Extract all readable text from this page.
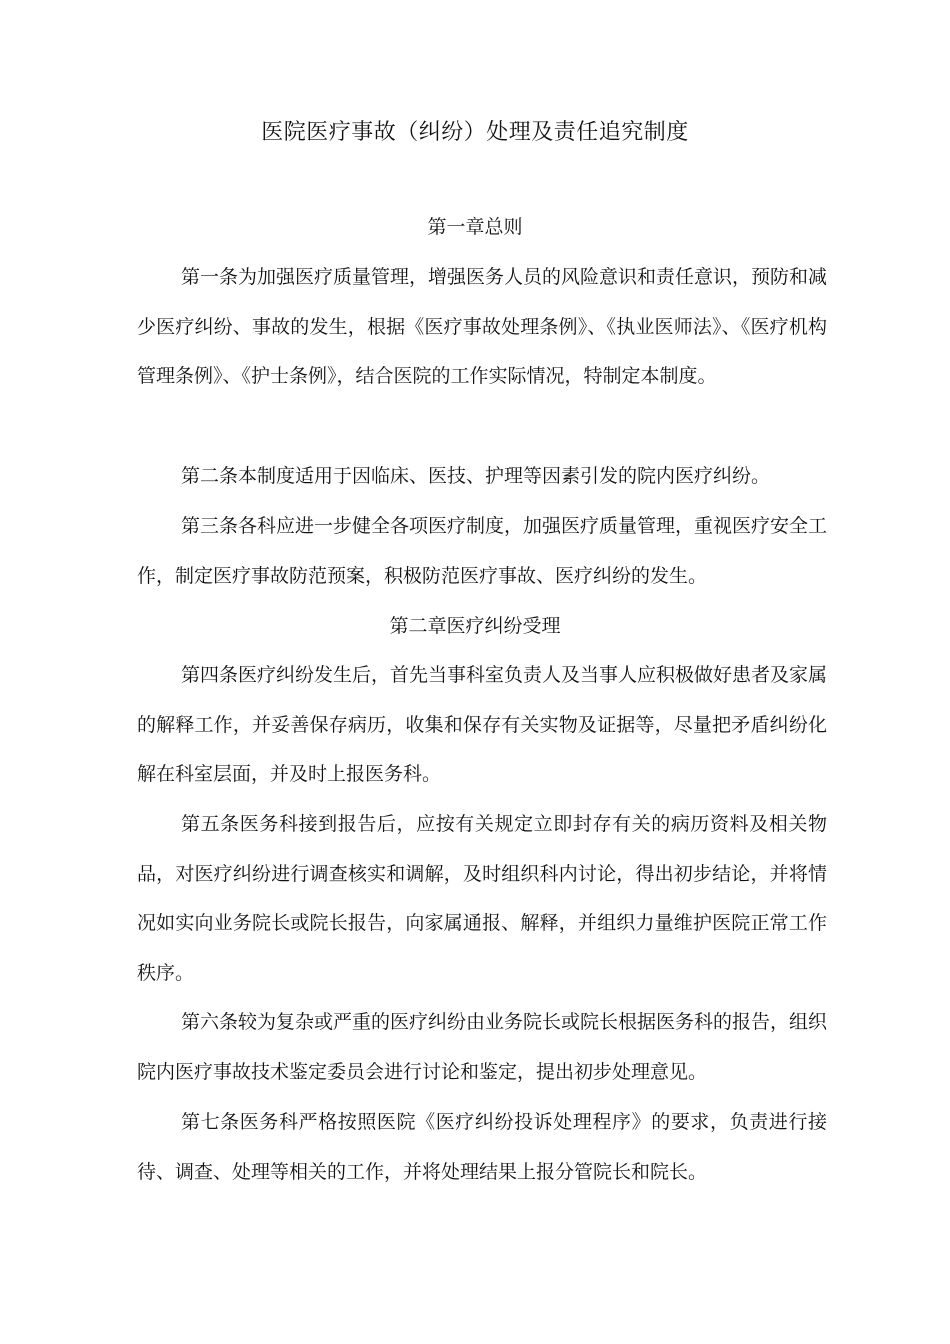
医院医疗事故（纠纷）处理及责任追究制度
第一章总则

第一条为加强医疗质量管理，增强医务人员的风险意识和责任意识，预防和减少医疗纠纷、事故的发生，根据《医疗事故处理条例》、《执业医师法》、《医疗机构管理条例》、《护士条例》，结合医院的工作实际情况，特制定本制度。

第二条本制度适用于因临床、医技、护理等因素引发的院内医疗纠纷。

第三条各科应进一步健全各项医疗制度，加强医疗质量管理，重视医疗安全工作，制定医疗事故防范预案，积极防范医疗事故、医疗纠纷的发生。

第二章医疗纠纷受理

第四条医疗纠纷发生后，首先当事科室负责人及当事人应积极做好患者及家属的解释工作，并妥善保存病历，收集和保存有关实物及证据等，尽量把矛盾纠纷化解在科室层面，并及时上报医务科。

第五条医务科接到报告后，应按有关规定立即封存有关的病历资料及相关物品，对医疗纠纷进行调查核实和调解，及时组织科内讨论，得出初步结论，并将情况如实向业务院长或院长报告，向家属通报、解释，并组织力量维护医院正常工作秩序。

第六条较为复杂或严重的医疗纠纷由业务院长或院长根据医务科的报告，组织院内医疗事故技术鉴定委员会进行讨论和鉴定，提出初步处理意见。

第七条医务科严格按照医院《医疗纠纷投诉处理程序》的要求，负责进行接待、调查、处理等相关的工作，并将处理结果上报分管院长和院长。
